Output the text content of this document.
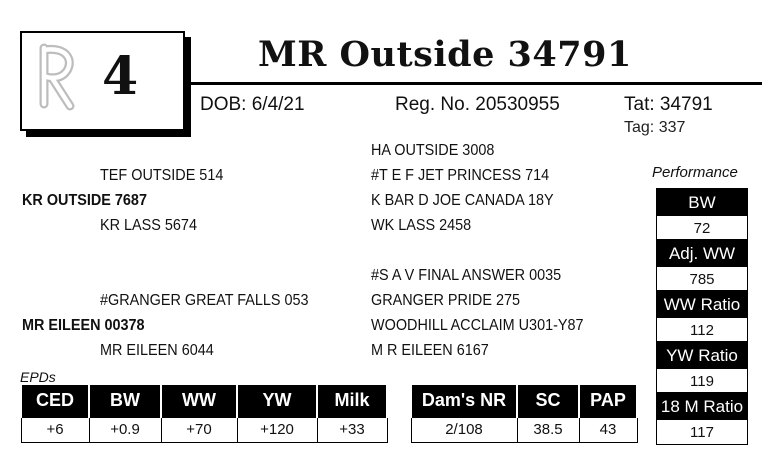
4	MR Outside 34791
DOB: 6/4/21	Reg. No. 20530955	Tat: 34791
Tag: 337
HA OUTSIDE 3008
TEF OUTSIDE 514	#T E F JET PRINCESS 714
KR OUTSIDE 7687	K BAR D JOE CANADA 18Y
KR LASS 5674	WK LASS 2458
#S A V FINAL ANSWER 0035
#GRANGER GREAT FALLS 053	GRANGER PRIDE 275
MR EILEEN 00378	WOODHILL ACCLAIM U301-Y87
MR EILEEN 6044	M R EILEEN 6167
Performance
BW
72
Adj. WW
785
WW Ratio
112
YW Ratio
119
18 M Ratio
117
EPDs
CED	BW	WW	YW	Milk
+6	+0.9	+70	+120	+33
Dam's NR	SC	PAP
2/108	38.5	43
